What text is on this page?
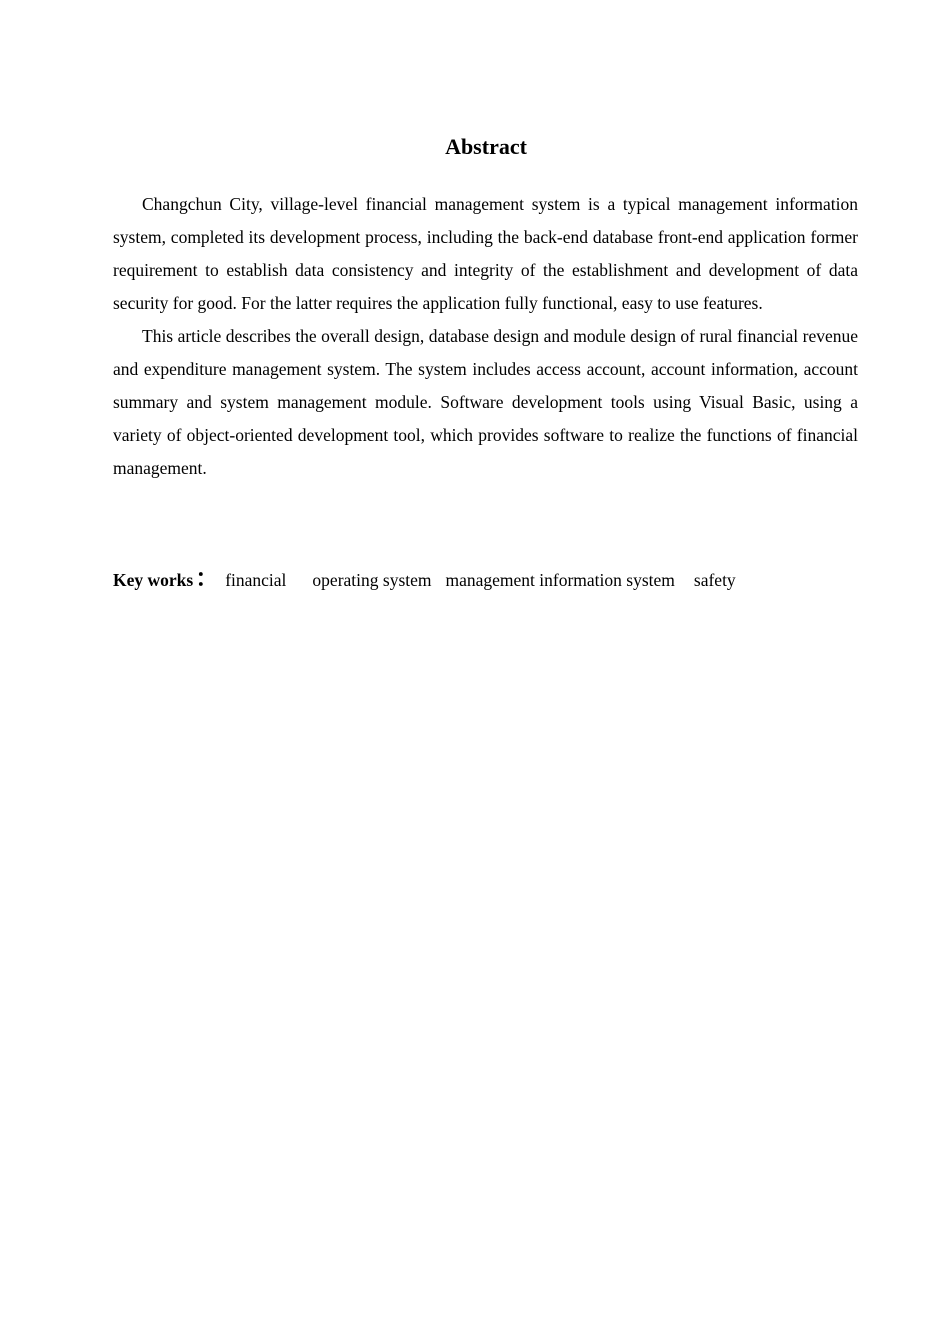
Abstract

Changchun City, village-level financial management system is a typical management information system, completed its development process, including the back-end database front-end application former requirement to establish data consistency and integrity of the establishment and development of data security for good. For the latter requires the application fully functional, easy to use features.

This article describes the overall design, database design and module design of rural financial revenue and expenditure management system. The system includes access account, account information, account summary and system management module. Software development tools using Visual Basic, using a variety of object-oriented development tool, which provides software to realize the functions of financial management.

Key works： financial operating system management information system safety
